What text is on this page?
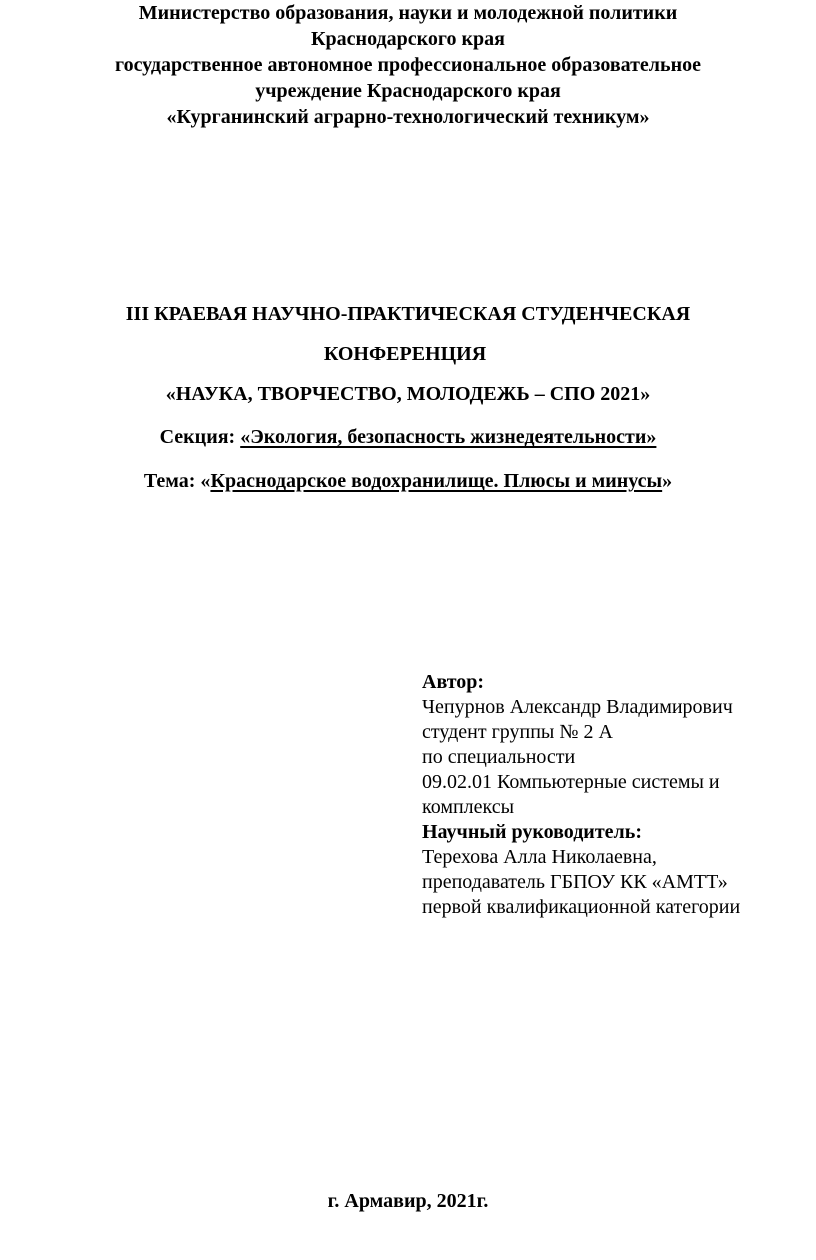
Министерство образования, науки и молодежной политики
Краснодарского края
государственное автономное профессиональное образовательное
учреждение Краснодарского края
«Курганинский аграрно-технологический техникум»
III КРАЕВАЯ НАУЧНО-ПРАКТИЧЕСКАЯ СТУДЕНЧЕСКАЯ
КОНФЕРЕНЦИЯ
«НАУКА, ТВОРЧЕСТВО, МОЛОДЕЖЬ – СПО 2021»
Секция: «Экология, безопасность жизнедеятельности»
Тема: «Краснодарское водохранилище. Плюсы и минусы»
Автор:
Чепурнов Александр Владимирович
студент группы № 2 А
по специальности
09.02.01 Компьютерные системы и
комплексы
Научный руководитель:
Терехова Алла Николаевна,
преподаватель ГБПОУ КК «АМТТ»
первой квалификационной категории
г. Армавир, 2021г.
